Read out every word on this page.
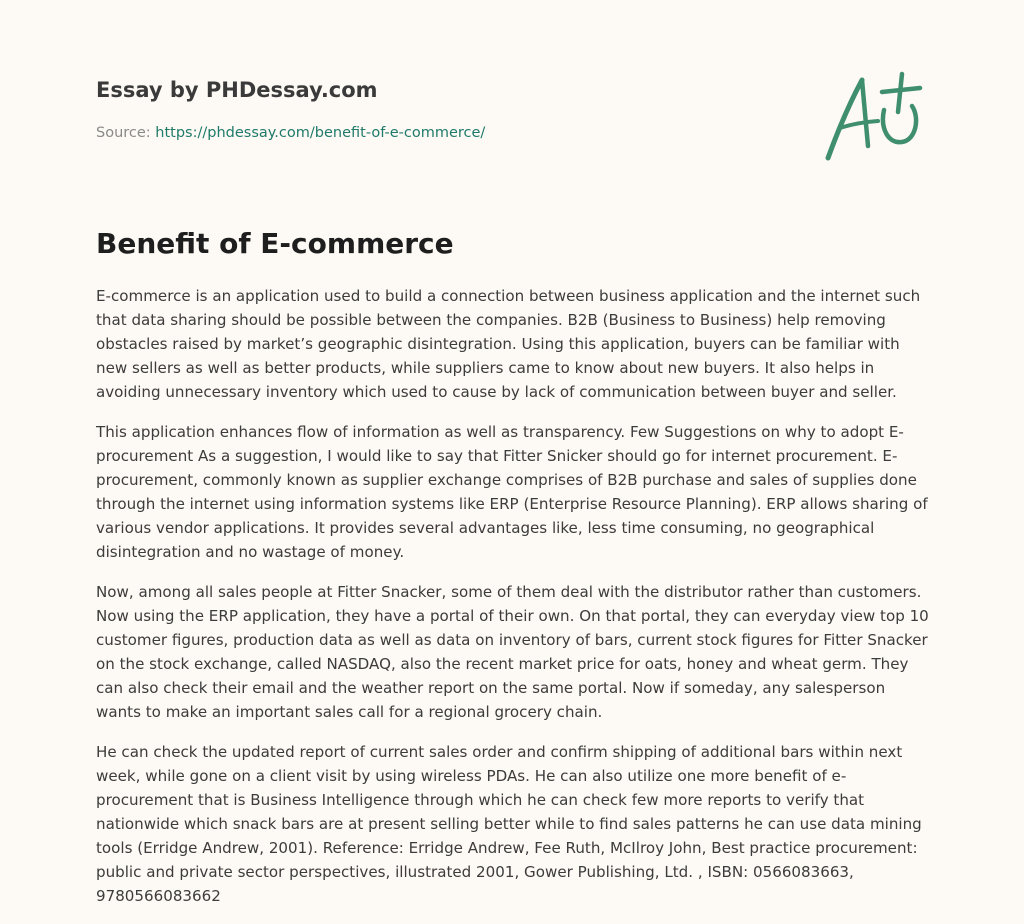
Essay by PHDessay.com
Source: https://phdessay.com/benefit-of-e-commerce/
Benefit of E-commerce

E-commerce is an application used to build a connection between business application and the internet such that data sharing should be possible between the companies. B2B (Business to Business) help removing obstacles raised by market’s geographic disintegration. Using this application, buyers can be familiar with new sellers as well as better products, while suppliers came to know about new buyers. It also helps in avoiding unnecessary inventory which used to cause by lack of communication between buyer and seller.

This application enhances flow of information as well as transparency. Few Suggestions on why to adopt E-procurement As a suggestion, I would like to say that Fitter Snicker should go for internet procurement. E-procurement, commonly known as supplier exchange comprises of B2B purchase and sales of supplies done through the internet using information systems like ERP (Enterprise Resource Planning). ERP allows sharing of various vendor applications. It provides several advantages like, less time consuming, no geographical disintegration and no wastage of money.

Now, among all sales people at Fitter Snacker, some of them deal with the distributor rather than customers. Now using the ERP application, they have a portal of their own. On that portal, they can everyday view top 10 customer figures, production data as well as data on inventory of bars, current stock figures for Fitter Snacker on the stock exchange, called NASDAQ, also the recent market price for oats, honey and wheat germ. They can also check their email and the weather report on the same portal. Now if someday, any salesperson wants to make an important sales call for a regional grocery chain.

He can check the updated report of current sales order and confirm shipping of additional bars within next week, while gone on a client visit by using wireless PDAs. He can also utilize one more benefit of e-procurement that is Business Intelligence through which he can check few more reports to verify that nationwide which snack bars are at present selling better while to find sales patterns he can use data mining tools (Erridge Andrew, 2001). Reference: Erridge Andrew, Fee Ruth, McIlroy John, Best practice procurement: public and private sector perspectives, illustrated 2001, Gower Publishing, Ltd. , ISBN: 0566083663, 9780566083662
